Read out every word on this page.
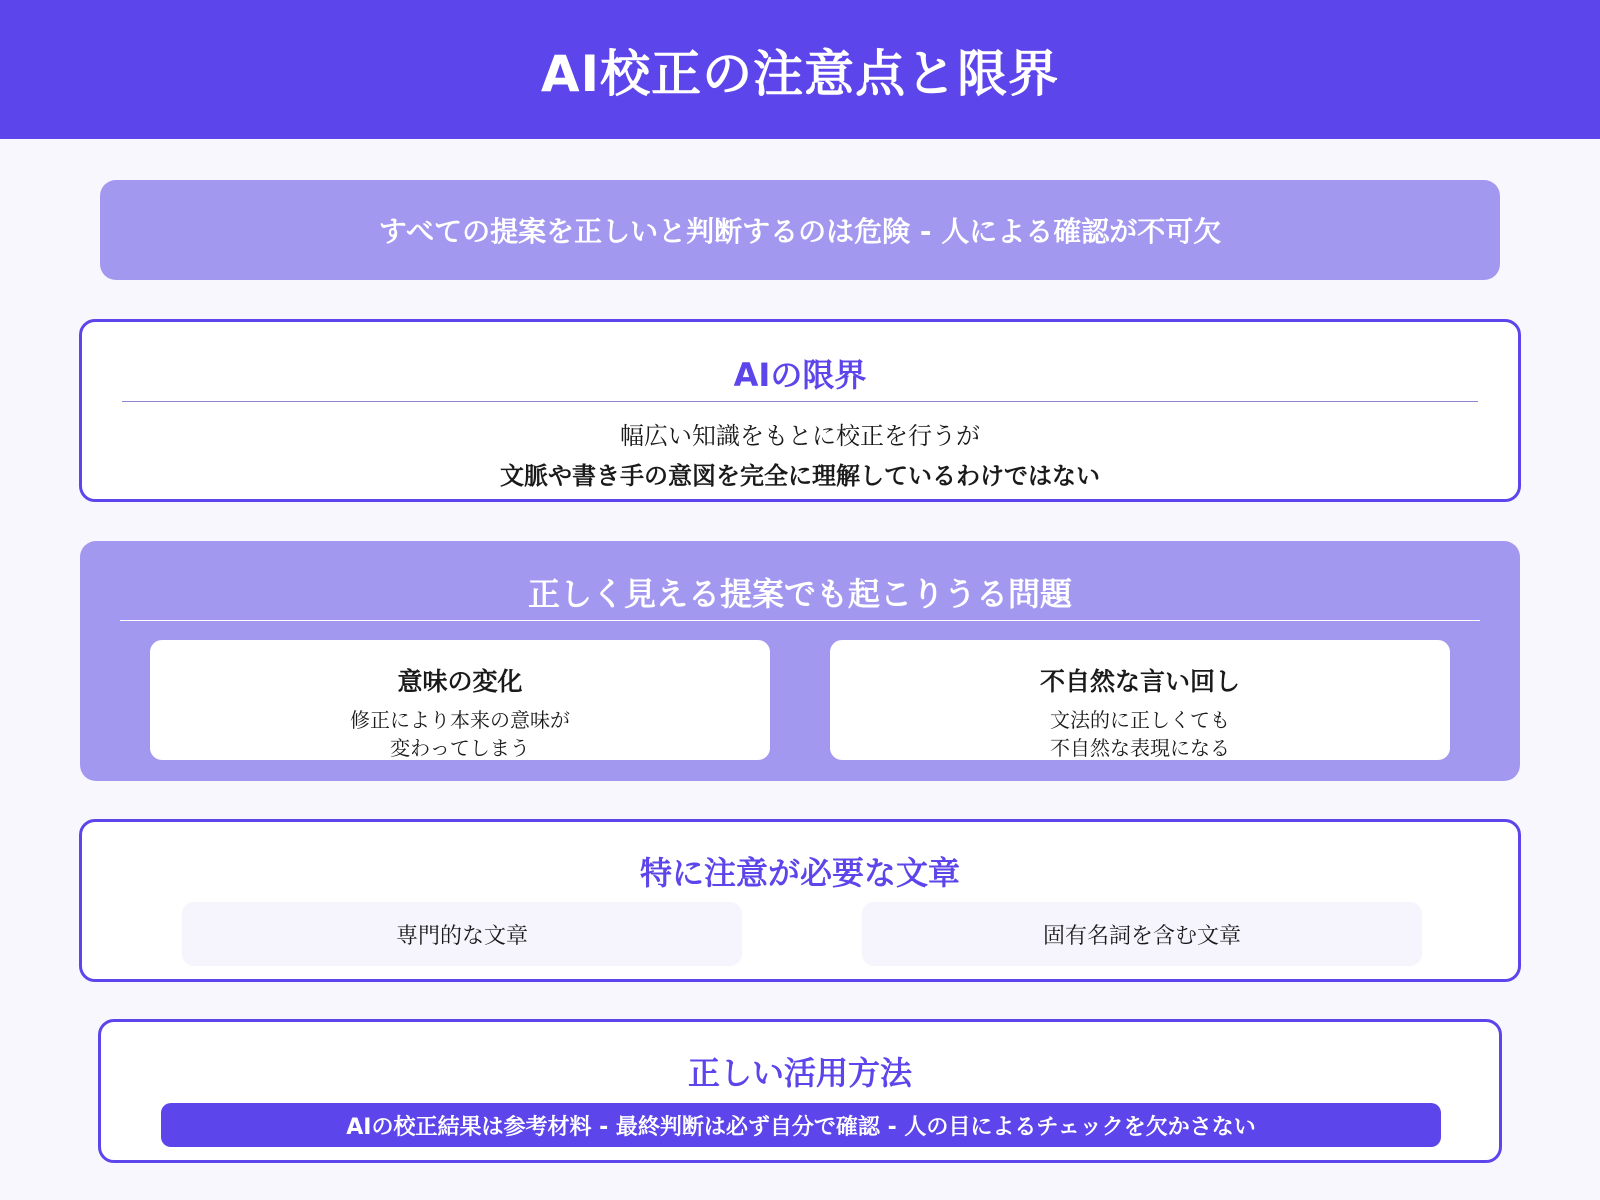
AI校正の注意点と限界
すべての提案を正しいと判断するのは危険 - 人による確認が不可欠
AIの限界
幅広い知識をもとに校正を行うが
文脈や書き手の意図を完全に理解しているわけではない
正しく見える提案でも起こりうる問題
意味の変化
修正により本来の意味が
変わってしまう
不自然な言い回し
文法的に正しくても
不自然な表現になる
特に注意が必要な文章
専門的な文章	固有名詞を含む文章
正しい活用方法
AIの校正結果は参考材料 - 最終判断は必ず自分で確認 - 人の目によるチェックを欠かさない
